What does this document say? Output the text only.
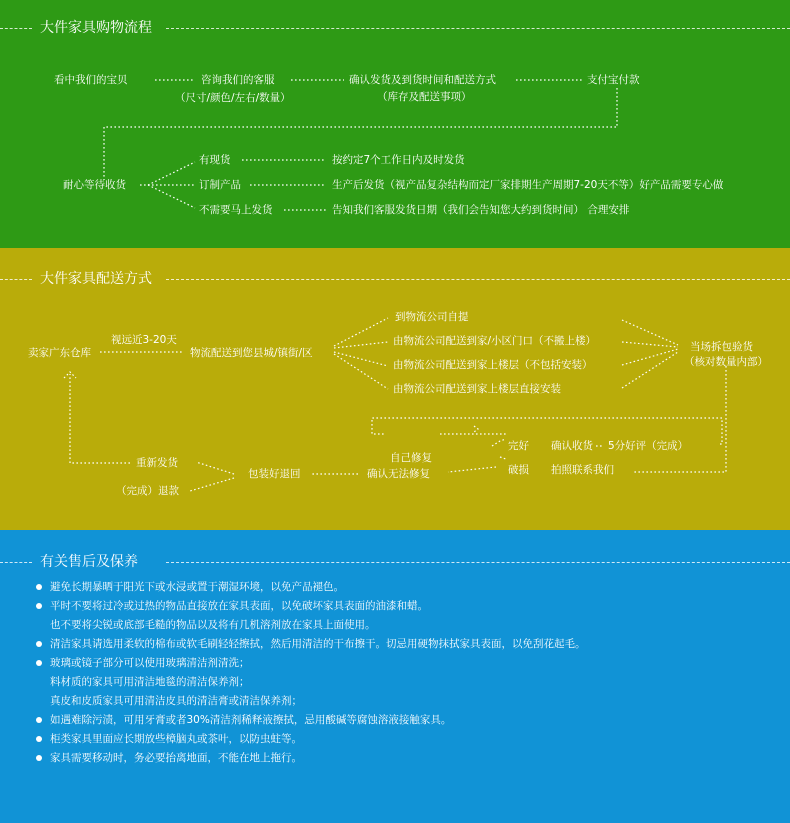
大件家具购物流程
看中我们的宝贝	咨询我们的客服
（尺寸/颜色/左右/数量）
确认发货及到货时间和配送方式
（库存及配送事项）
支付宝付款
耐心等待收货
有现货	按约定7个工作日内及时发货
订制产品	生产后发货（视产品复杂结构而定厂家排期生产周期7-20天不等）好产品需要专心做
不需要马上发货	告知我们客服发货日期（我们会告知您大约到货时间） 合理安排
大件家具配送方式
卖家广东仓库
视远近3-20天
物流配送到您县城/镇街/区
到物流公司自提
由物流公司配送到家/小区门口（不搬上楼）
由物流公司配送到家上楼层（不包括安装）
由物流公司配送到家上楼层直接安装
当场拆包验货
（核对数量内部）
完好 确认收货 5分好评（完成）
自己修复
破损 拍照联系我们
重新发货
（完成）退款
包装好退回	确认无法修复
有关售后及保养
避免长期暴晒于阳光下或水浸或置于潮湿环境，以免产品褪色。
平时不要将过冷或过热的物品直接放在家具表面，以免破坏家具表面的油漆和蜡。
也不要将尖锐或底部毛糙的物品以及将有几机溶剂放在家具上面使用。
清洁家具请选用柔软的棉布或软毛刷轻轻擦拭，然后用清洁的干布擦干。切忌用硬物抹拭家具表面，以免刮花起毛。
玻璃或镜子部分可以使用玻璃清洁剂清洗；
料材质的家具可用清洁地毯的清洁保养剂；
真皮和皮质家具可用清洁皮具的清洁膏或清洁保养剂；
如遇难除污渍，可用牙膏或者30%清洁剂稀释液擦拭，忌用酸碱等腐蚀溶液接触家具。
柜类家具里面应长期放些樟脑丸或茶叶，以防虫蛀等。
家具需要移动时，务必要抬离地面，不能在地上拖行。
